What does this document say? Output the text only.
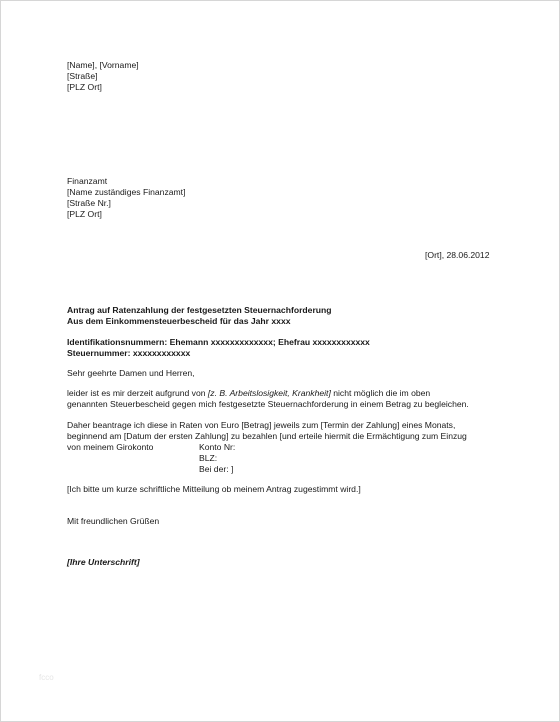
[Name], [Vorname]
[Straße]
[PLZ Ort]
Finanzamt
[Name zuständiges Finanzamt]
[Straße Nr.]
[PLZ Ort]
[Ort], 28.06.2012
Antrag auf Ratenzahlung der festgesetzten Steuernachforderung
Aus dem Einkommensteuerbescheid für das Jahr xxxx
Identifikationsnummern: Ehemann xxxxxxxxxxxxx; Ehefrau xxxxxxxxxxxx
Steuernummer: xxxxxxxxxxxx
Sehr geehrte Damen und Herren,
leider ist es mir derzeit aufgrund von [z. B. Arbeitslosigkeit, Krankheit] nicht möglich die im oben
genannten Steuerbescheid gegen mich festgesetzte Steuernachforderung in einem Betrag zu begleichen.
Daher beantrage ich diese in Raten von Euro [Betrag] jeweils zum [Termin der Zahlung] eines Monats,
beginnend am [Datum der ersten Zahlung] zu bezahlen [und erteile hiermit die Ermächtigung zum Einzug
von meinem Girokonto	Konto Nr:
BLZ:
Bei der: ]
[Ich bitte um kurze schriftliche Mitteilung ob meinem Antrag zugestimmt wird.]
Mit freundlichen Grüßen
[Ihre Unterschrift]
fcco
